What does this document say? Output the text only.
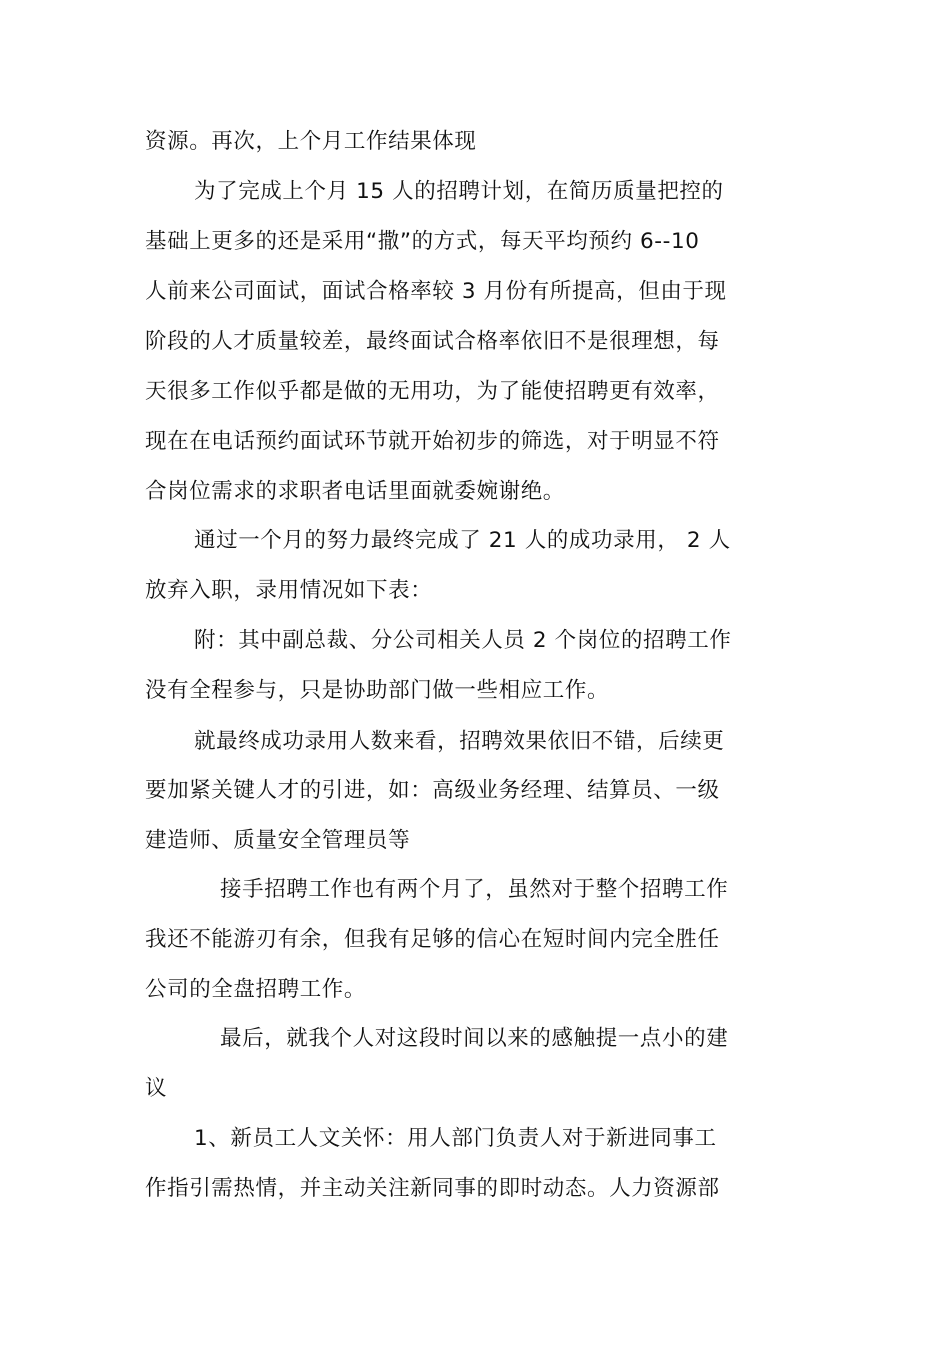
资源。再次，上个月工作结果体现
为了完成上个月 15 人的招聘计划，在简历质量把控的
基础上更多的还是采用“撒”的方式，每天平均预约 6--10
人前来公司面试，面试合格率较 3 月份有所提高，但由于现
阶段的人才质量较差，最终面试合格率依旧不是很理想，每
天很多工作似乎都是做的无用功，为了能使招聘更有效率，
现在在电话预约面试环节就开始初步的筛选，对于明显不符
合岗位需求的求职者电话里面就委婉谢绝。
通过一个月的努力最终完成了 21 人的成功录用， 2 人
放弃入职，录用情况如下表：
附：其中副总裁、分公司相关人员 2 个岗位的招聘工作
没有全程参与，只是协助部门做一些相应工作。
就最终成功录用人数来看，招聘效果依旧不错，后续更
要加紧关键人才的引进，如：高级业务经理、结算员、一级
建造师、质量安全管理员等
接手招聘工作也有两个月了，虽然对于整个招聘工作
我还不能游刃有余，但我有足够的信心在短时间内完全胜任
公司的全盘招聘工作。
最后，就我个人对这段时间以来的感触提一点小的建
议
1、新员工人文关怀：用人部门负责人对于新进同事工
作指引需热情，并主动关注新同事的即时动态。人力资源部
